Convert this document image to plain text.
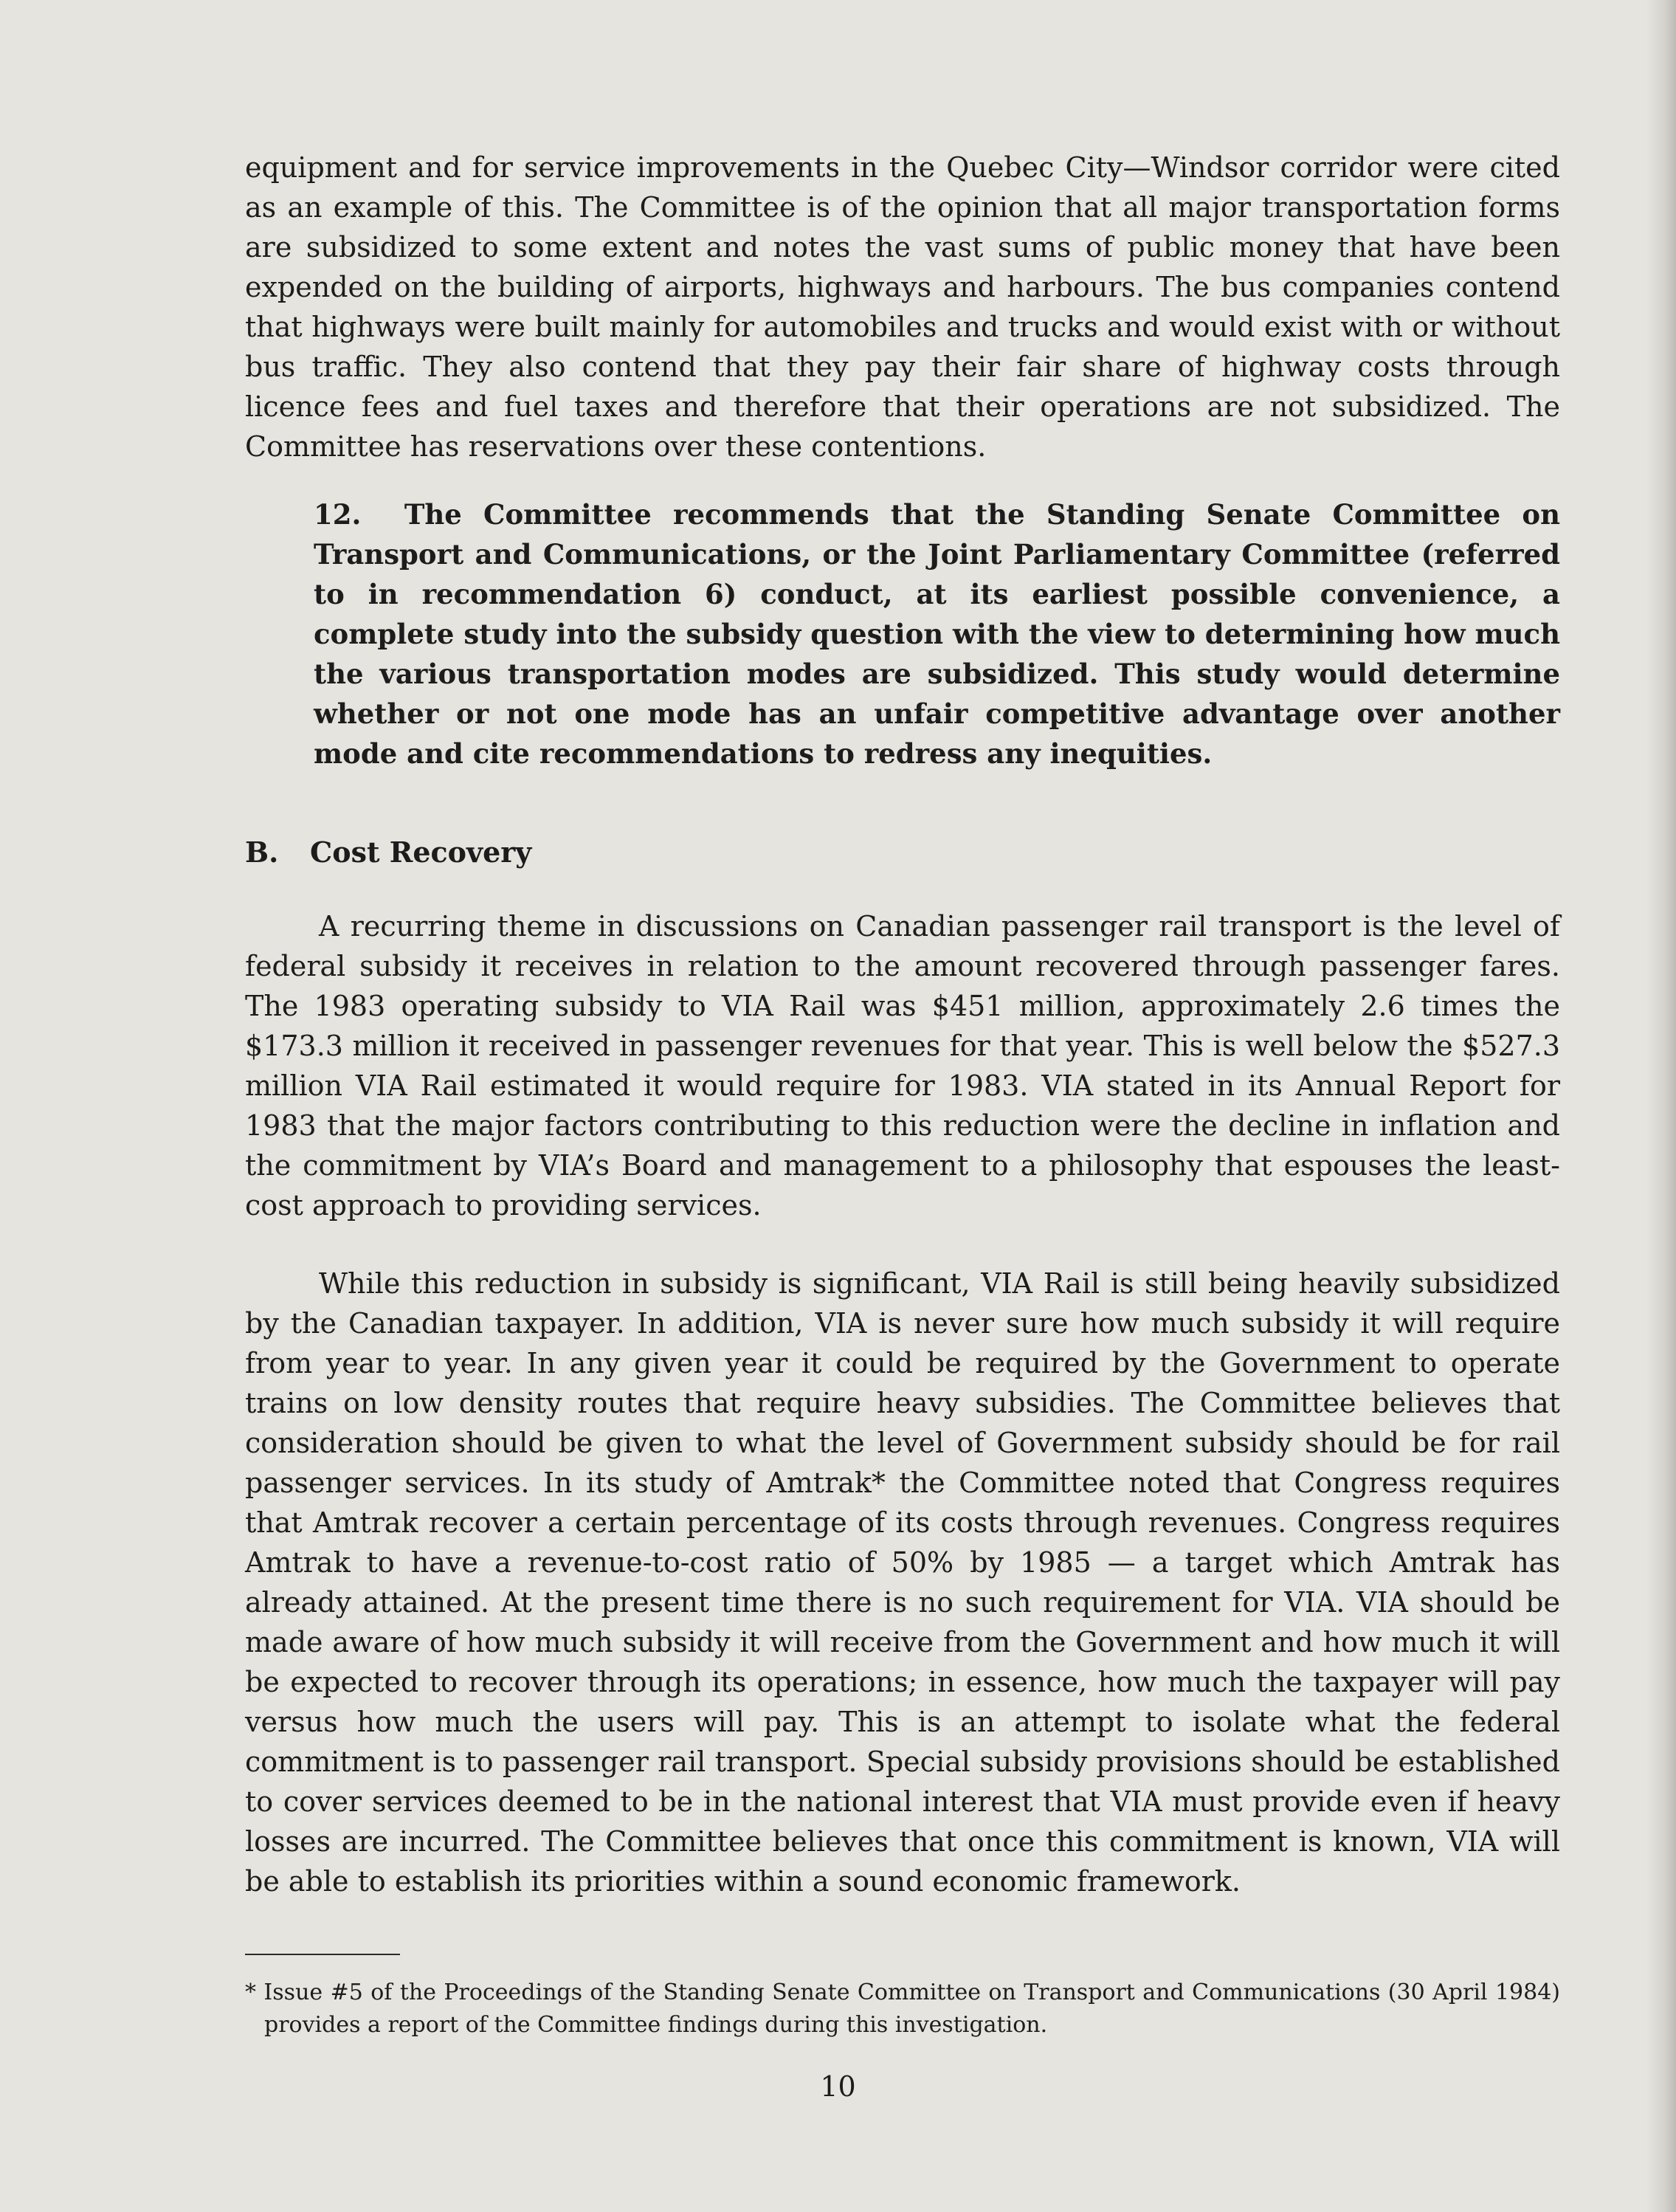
equipment and for service improvements in the Quebec City—Windsor corridor were cited as an example of this. The Committee is of the opinion that all major transportation forms are subsidized to some extent and notes the vast sums of public money that have been expended on the building of airports, highways and harbours. The bus companies contend that highways were built mainly for automobiles and trucks and would exist with or without bus traffic. They also contend that they pay their fair share of highway costs through licence fees and fuel taxes and therefore that their operations are not subsidized. The Committee has reservations over these contentions.

12. The Committee recommends that the Standing Senate Committee on Transport and Communications, or the Joint Parliamentary Committee (referred to in recommendation 6) conduct, at its earliest possible convenience, a complete study into the subsidy question with the view to determining how much the various transportation modes are subsidized. This study would determine whether or not one mode has an unfair competitive advantage over another mode and cite recommendations to redress any inequities.

B. Cost Recovery

A recurring theme in discussions on Canadian passenger rail transport is the level of federal subsidy it receives in relation to the amount recovered through passenger fares. The 1983 operating subsidy to VIA Rail was $451 million, approximately 2.6 times the $173.3 million it received in passenger revenues for that year. This is well below the $527.3 million VIA Rail estimated it would require for 1983. VIA stated in its Annual Report for 1983 that the major factors contributing to this reduction were the decline in inflation and the commitment by VIA’s Board and management to a philosophy that espouses the least-cost approach to providing services.

While this reduction in subsidy is significant, VIA Rail is still being heavily subsidized by the Canadian taxpayer. In addition, VIA is never sure how much subsidy it will require from year to year. In any given year it could be required by the Government to operate trains on low density routes that require heavy subsidies. The Committee believes that consideration should be given to what the level of Government subsidy should be for rail passenger services. In its study of Amtrak* the Committee noted that Congress requires that Amtrak recover a certain percentage of its costs through revenues. Congress requires Amtrak to have a revenue-to-cost ratio of 50% by 1985 — a target which Amtrak has already attained. At the present time there is no such requirement for VIA. VIA should be made aware of how much subsidy it will receive from the Government and how much it will be expected to recover through its operations; in essence, how much the taxpayer will pay versus how much the users will pay. This is an attempt to isolate what the federal commitment is to passenger rail transport. Special subsidy provisions should be established to cover services deemed to be in the national interest that VIA must provide even if heavy losses are incurred. The Committee believes that once this commitment is known, VIA will be able to establish its priorities within a sound economic framework.

* Issue #5 of the Proceedings of the Standing Senate Committee on Transport and Communications (30 April 1984) provides a report of the Committee findings during this investigation.
10
